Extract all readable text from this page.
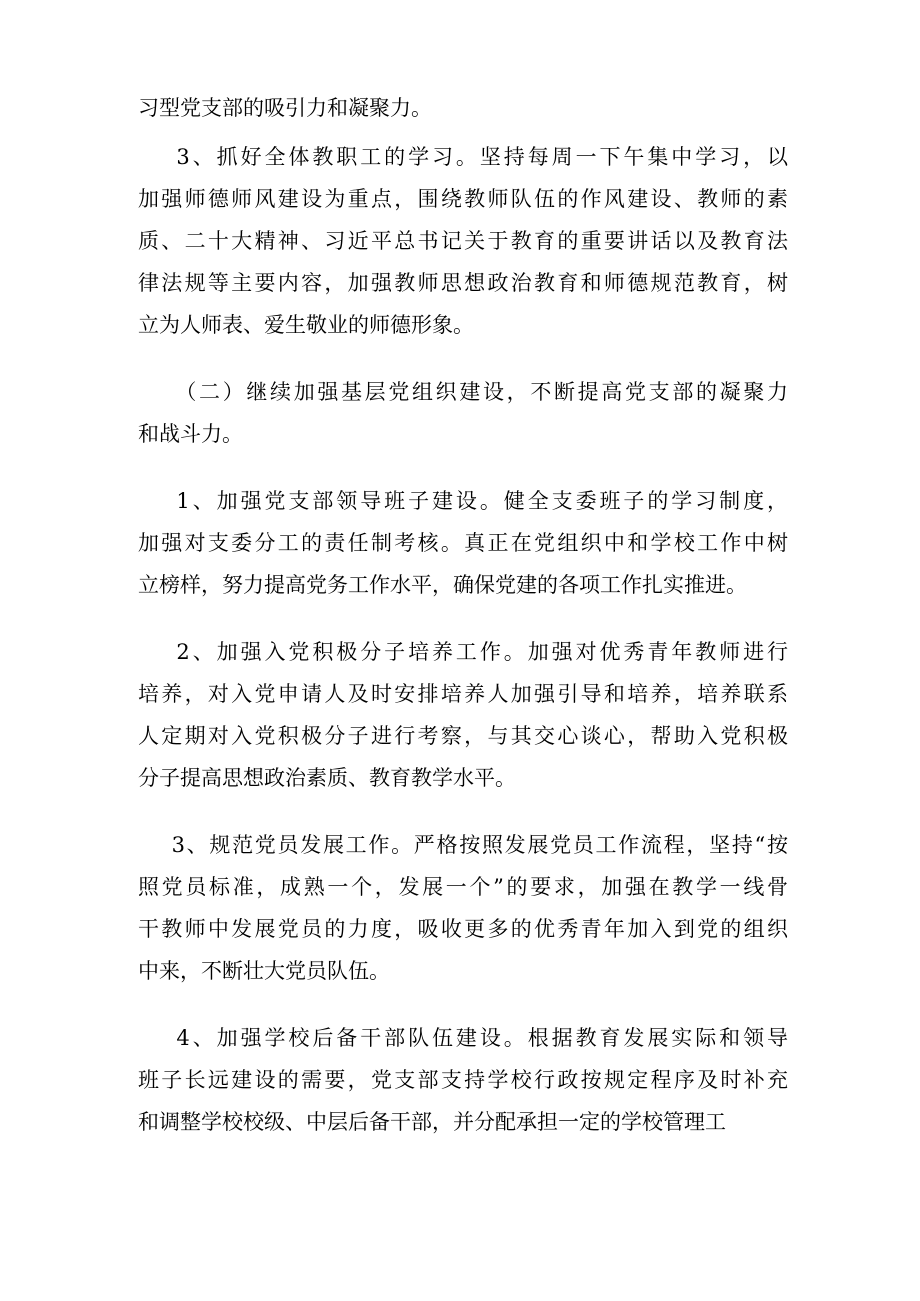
习型党支部的吸引力和凝聚力。
3、抓好全体教职工的学习。坚持每周一下午集中学习，以
加强师德师风建设为重点，围绕教师队伍的作风建设、教师的素
质、二十大精神、习近平总书记关于教育的重要讲话以及教育法
律法规等主要内容，加强教师思想政治教育和师德规范教育，树
立为人师表、爱生敬业的师德形象。
（二）继续加强基层党组织建设，不断提高党支部的凝聚力
和战斗力。
1、加强党支部领导班子建设。健全支委班子的学习制度，
加强对支委分工的责任制考核。真正在党组织中和学校工作中树
立榜样，努力提高党务工作水平，确保党建的各项工作扎实推进。
2、加强入党积极分子培养工作。加强对优秀青年教师进行
培养，对入党申请人及时安排培养人加强引导和培养，培养联系
人定期对入党积极分子进行考察，与其交心谈心，帮助入党积极
分子提高思想政治素质、教育教学水平。
3、规范党员发展工作。严格按照发展党员工作流程，坚持“按
照党员标准，成熟一个，发展一个”的要求，加强在教学一线骨
干教师中发展党员的力度，吸收更多的优秀青年加入到党的组织
中来，不断壮大党员队伍。
4、加强学校后备干部队伍建设。根据教育发展实际和领导
班子长远建设的需要，党支部支持学校行政按规定程序及时补充
和调整学校校级、中层后备干部，并分配承担一定的学校管理工
